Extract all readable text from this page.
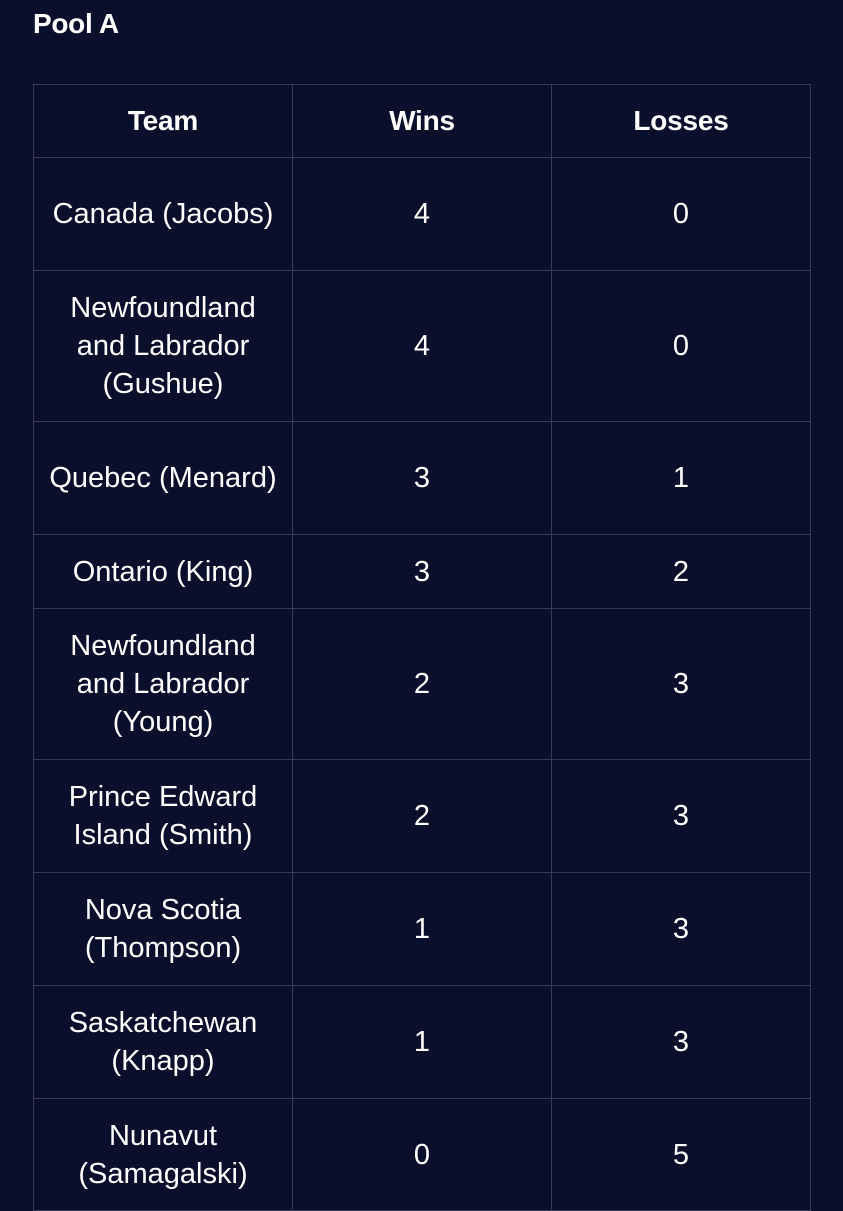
Pool A
Team	Wins	Losses
Canada (Jacobs)	4	0
Newfoundland and Labrador (Gushue)	4	0
Quebec (Menard)	3	1
Ontario (King)	3	2
Newfoundland and Labrador (Young)	2	3
Prince Edward Island (Smith)	2	3
Nova Scotia (Thompson)	1	3
Saskatchewan (Knapp)	1	3
Nunavut (Samagalski)	0	5
